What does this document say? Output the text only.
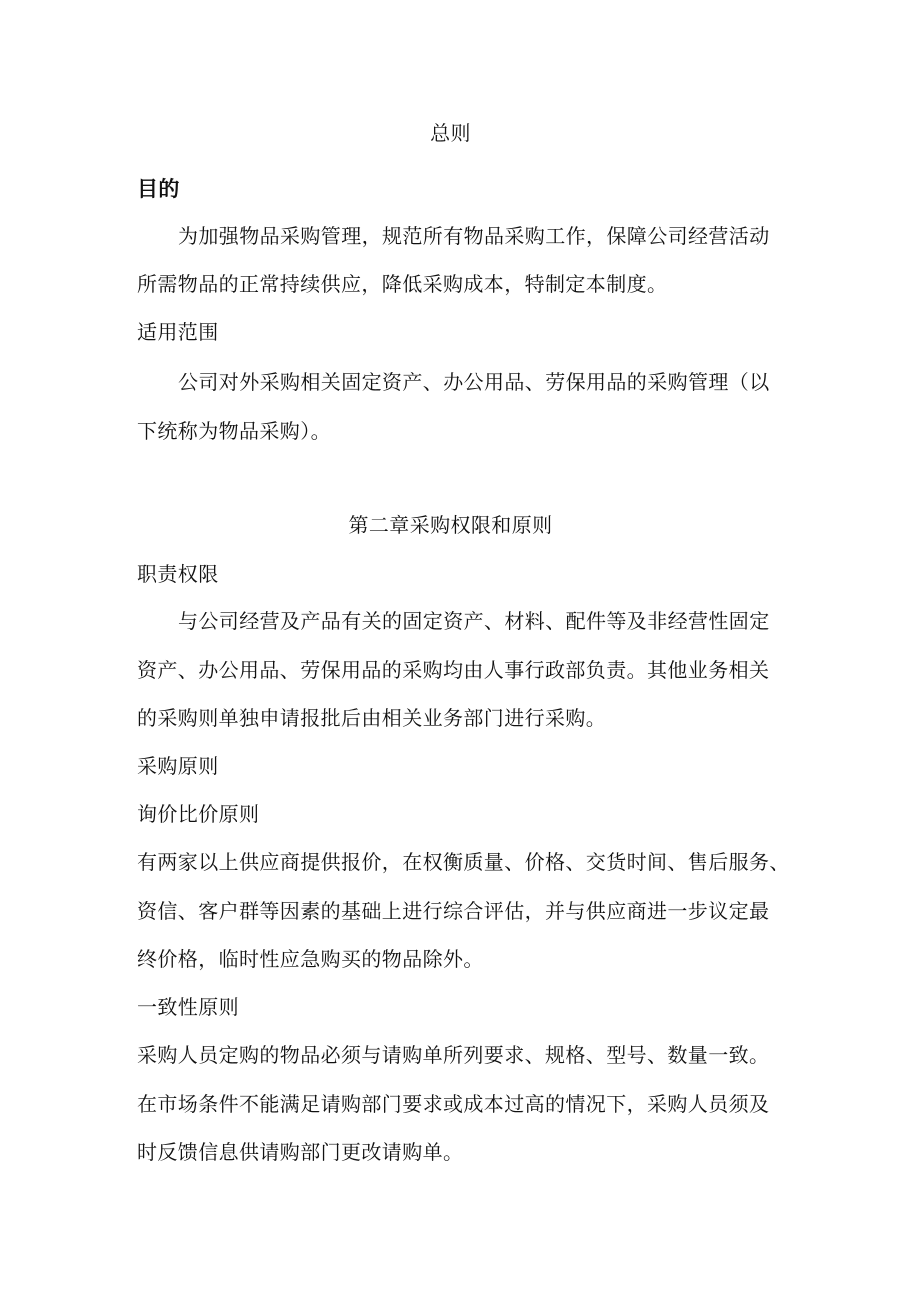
总则
目的
为加强物品采购管理，规范所有物品采购工作，保障公司经营活动
所需物品的正常持续供应，降低采购成本，特制定本制度。
适用范围
公司对外采购相关固定资产、办公用品、劳保用品的采购管理（以
下统称为物品采购）。
第二章采购权限和原则
职责权限
与公司经营及产品有关的固定资产、材料、配件等及非经营性固定
资产、办公用品、劳保用品的采购均由人事行政部负责。其他业务相关
的采购则单独申请报批后由相关业务部门进行采购。
采购原则
询价比价原则
有两家以上供应商提供报价，在权衡质量、价格、交货时间、售后服务、
资信、客户群等因素的基础上进行综合评估，并与供应商进一步议定最
终价格，临时性应急购买的物品除外。
一致性原则
采购人员定购的物品必须与请购单所列要求、规格、型号、数量一致。
在市场条件不能满足请购部门要求或成本过高的情况下，采购人员须及
时反馈信息供请购部门更改请购单。
